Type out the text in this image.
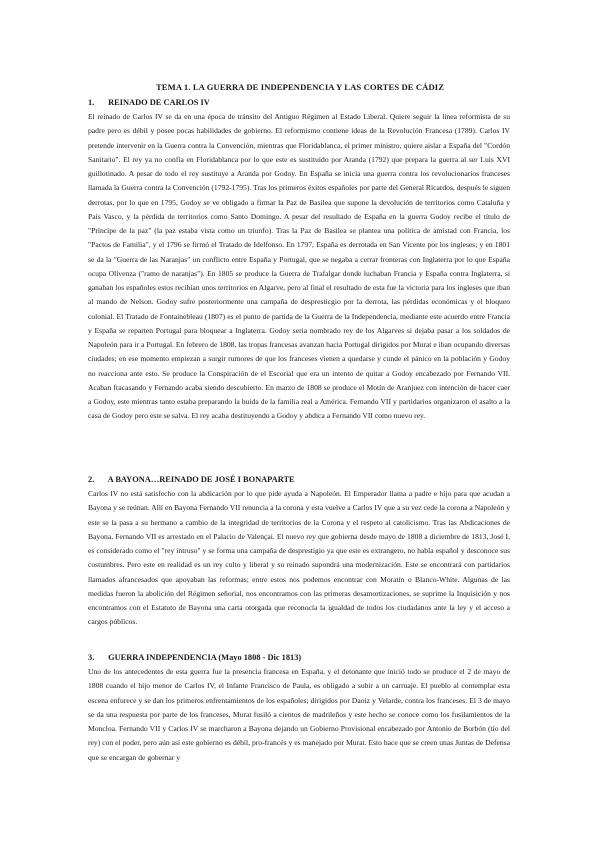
TEMA 1. LA GUERRA DE INDEPENDENCIA Y LAS CORTES DE CÁDIZ
1. REINADO DE CARLOS IV

El reinado de Carlos IV se da en una época de tránsito del Antiguo Régimen al Estado Liberal. Quiere seguir la línea reformista de su padre pero es débil y posee pocas habilidades de gobierno. El reformismo contiene ideas de la Revolución Francesa (1789). Carlos IV pretende intervenir en la Guerra contra la Convención, mientras que Floridablanca, el primer ministro, quiere aislar a España del "Cordón Sanitario". El rey ya no confía en Floridablanca por lo que este es sustituido por Aranda (1792) que prepara la guerra al ser Luis XVI guillotinado. A pesar de todo el rey sustituye a Aranda por Godoy. En España se inicia una guerra contra los revolucionarios franceses llamada la Guerra contra la Convención (1792-1795). Tras los primeros éxitos españoles por parte del General Ricardos, después le siguen derrotas, por lo que en 1795, Godoy se ve obligado a firmar la Paz de Basilea que supone la devolución de territorios como Cataluña y País Vasco, y la pérdida de territorios como Santo Domingo. A pesar del resultado de España en la guerra Godoy recibe el título de "Príncipe de la paz" (la paz estaba vista como un triunfo). Tras la Paz de Basilea se plantea una política de amistad con Francia, los "Pactos de Familia", y el 1796 se firmó el Tratado de Idelfonso. En 1797, España es derrotada en San Vicente por los ingleses; y en 1801 se da la "Guerra de las Naranjas" un conflicto entre España y Portugal, que se negaba a cerrar fronteras con Inglaterra por lo que España ocupa Olivenza ("ramo de naranjas"). En 1805 se produce la Guerra de Trafalgar donde luchaban Francia y España contra Inglaterra, si ganaban los españoles estos recibían unos territorios en Algarve, pero al final el resultado de esta fue la victoria para los ingleses que iban al mando de Nelson. Godoy sufre posteriormente una campaña de despresticgio por la derrota, las pérdidas económicas y el bloqueo colonial. El Tratado de Fontainebleau (1807) es el punto de partida de la Guerra de la Independencia, mediante este acuerdo entre Francia y España se reparten Portugal para bloquear a Inglaterra. Godoy seria nombrado rey de los Algarves si dejaba pasar a los soldados de Napoleón para ir a Portugal. En febrero de 1808, las tropas francesas avanzan hacia Portugal dirigidos por Murat e iban ocupando diversas ciudades; en ese momento empiezan a surgir rumores de que los franceses vienen a quedarse y cunde el pánico en la población y Godoy no reacciona ante esto. Se produce la Conspiración de el Escorial que era un intento de quitar a Godoy encabezado por Fernando VII. Acaban fracasando y Fernando acaba siendo descubierto. En marzo de 1808 se produce el Motín de Aranjuez con intención de hacer caer a Godoy, este mientras tanto estaba preparando la huida de la familia real a América. Fernando VII y partidarios organizaron el asalto a la casa de Godoy pero este se salva. El rey acaba destituyendo a Godoy y abdica a Fernando VII como nuevo rey.

2. A BAYONA…REINADO DE JOSÉ I BONAPARTE

Carlos IV no está satisfecho con la abdicación por lo que pide ayuda a Napoleón. El Emperador llama a padre e hijo para que acudan a Bayona y se reúnan. Allí en Bayona Fernando VII renuncia a la corona y esta vuelve a Carlos IV que a su vez cede la corona a Napoleón y este se la pasa a su hermano a cambio de la integridad de territorios de la Corona y el respeto al catolicismo. Tras las Abdicaciones de Bayona, Fernando VII es arrestado en el Palacio de Valençai. El nuevo rey que gobierna desde mayo de 1808 a diciembre de 1813, José I, es considerado como el "rey intruso" y se forma una campaña de desprestigio ya que este es extrangero, no habla español y desconoce sus costumbres. Pero este en realidad es un rey culto y liberal y su reinado supondrá una modernización. Este se encontrará con partidarios llamados afrancesados que apoyaban las reformas; entre estos nos podemos encontrar con Moratín o Blanco-White. Algunas de las medidas fueron la abolición del Régimen señorial, nos encontramos con las primeras desamortizaciones, se suprime la Inquisición y nos encontramos con el Estatuto de Bayona una carta otorgada que reconocía la igualdad de todos los ciudadanos ante la ley y el acceso a cargos públicos.

3. GUERRA INDEPENDENCIA (Mayo 1808 - Dic 1813)

Uno de los antecedentes de esta guerra fue la presencia francesa en España, y el detonante que inició todo se produce el 2 de mayo de 1808 cuando el hijo menor de Carlos IV, el Infante Francisco de Paula, es obligado a subir a un carruaje. El pueblo al contemplar esta escena enfurece y se dan los primeros enfrentamientos de los españoles; dirigidos por Daoiz y Velarde, contra los franceses. El 3 de mayo se da una respuesta por parte de los franceses, Murat fusiló a cientos de madrileños y este hecho se conoce como los fusilamientos de la Moncloa. Fernando VII y Carlos IV se marcharon a Bayona dejando un Gobierno Provisional encabezado por Antonio de Borbón (tío del rey) con el poder, pero aún así este gobierno es débil, pro-francés y es manejado por Murat. Esto hace que se creen unas Juntas de Defensa que se encargan de gobernar y
